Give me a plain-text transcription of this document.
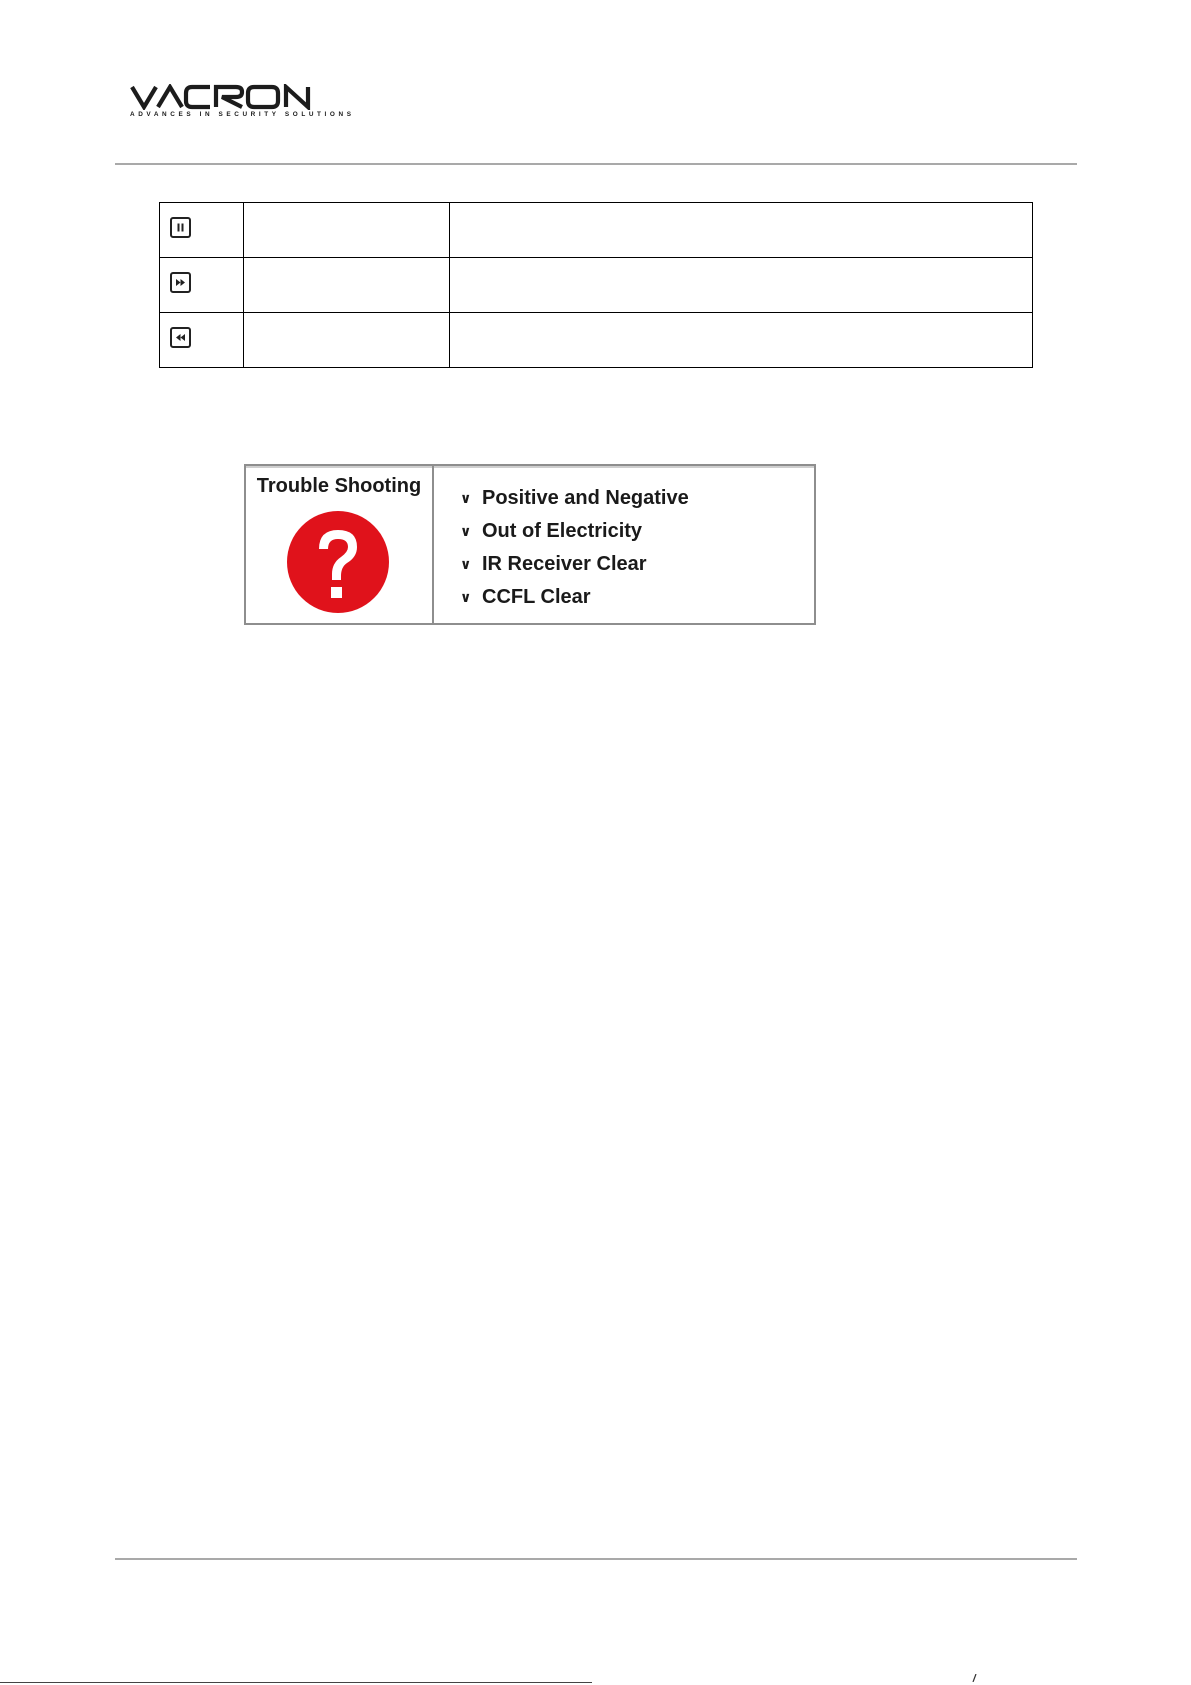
VACRON
ADVANCES IN SECURITY SOLUTIONS

Trouble Shooting
∨ Positive and Negative
∨ Out of Electricity
∨ IR Receiver Clear
∨ CCFL Clear
